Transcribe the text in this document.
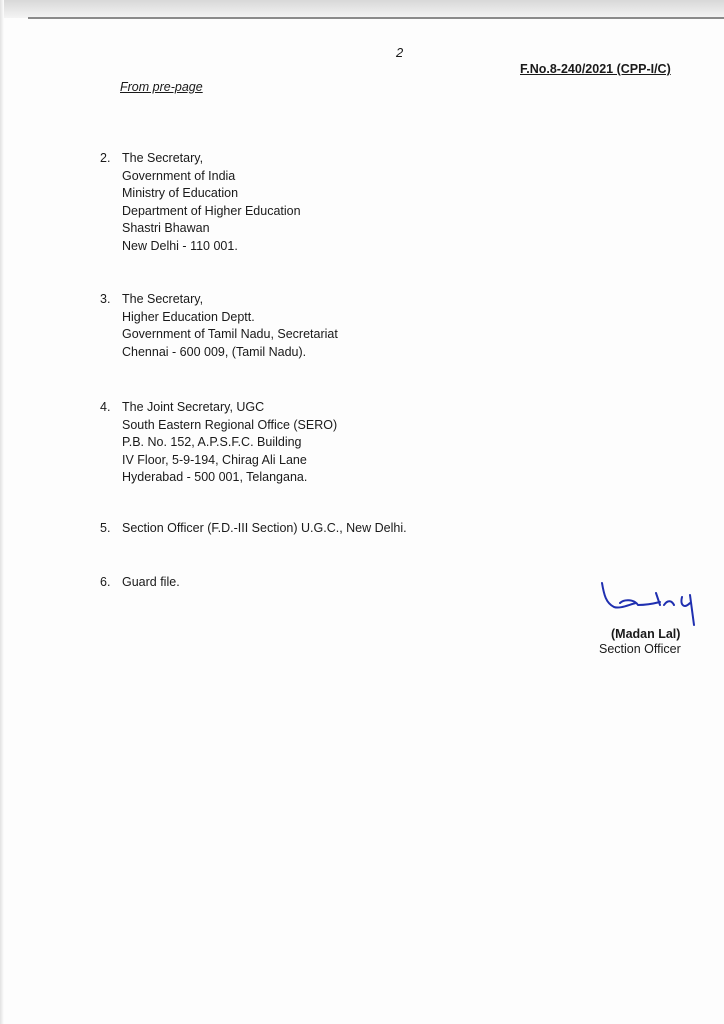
2
F.No.8-240/2021 (CPP-I/C)
From pre-page
2. The Secretary,
Government of India
Ministry of Education
Department of Higher Education
Shastri Bhawan
New Delhi - 110 001.
3. The Secretary,
Higher Education Deptt.
Government of Tamil Nadu, Secretariat
Chennai - 600 009, (Tamil Nadu).
4. The Joint Secretary, UGC
South Eastern Regional Office (SERO)
P.B. No. 152, A.P.S.F.C. Building
IV Floor, 5-9-194, Chirag Ali Lane
Hyderabad - 500 001, Telangana.
5. Section Officer (F.D.-III Section) U.G.C., New Delhi.
6. Guard file.
(Madan Lal)
Section Officer
